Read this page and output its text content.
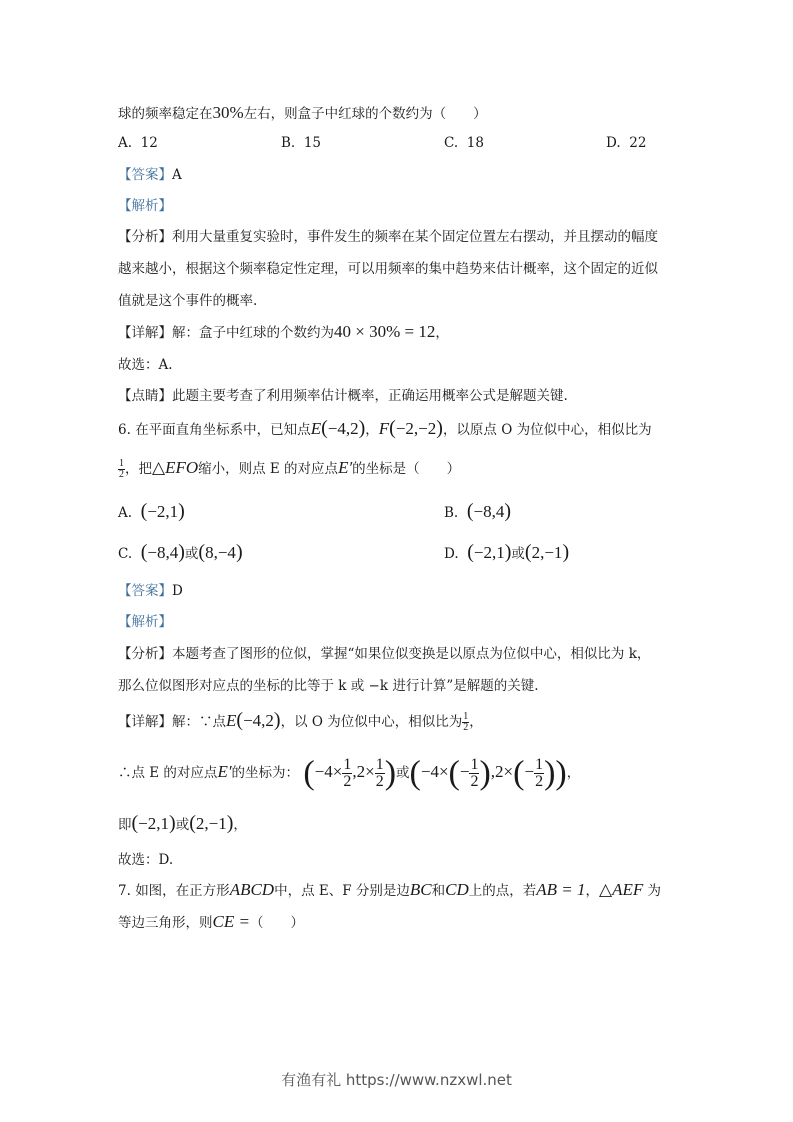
球的频率稳定在30%左右，则盒子中红球的个数约为（　　）
A. 12	B. 15	C. 18	D. 22
【答案】A
【解析】
【分析】利用大量重复实验时，事件发生的频率在某个固定位置左右摆动，并且摆动的幅度
越来越小，根据这个频率稳定性定理，可以用频率的集中趋势来估计概率，这个固定的近似
值就是这个事件的概率.
【详解】解：盒子中红球的个数约为40 × 30% = 12，
故选：A.
【点睛】此题主要考查了利用频率估计概率，正确运用概率公式是解题关键.
6. 在平面直角坐标系中，已知点E(−4,2)，F(−2,−2)，以原点 O 为位似中心，相似比为
$\frac{1}{2}$ ，把△EFO缩小，则点 E 的对应点E′的坐标是（　　）
A. (−2,1)	B. (−8,4)
C. (−8,4)或(8,−4)	D. (−2,1)或(2,−1)
【答案】D
【解析】
【分析】本题考查了图形的位似，掌握“如果位似变换是以原点为位似中心，相似比为 k，
那么位似图形对应点的坐标的比等于 k 或 −k 进行计算”是解题的关键.
【详解】解：∵点E(−4,2)，以 O 为位似中心，相似比为 $\frac{1}{2}$ ，
∴点 E 的对应点E′的坐标为： ($-4\times \frac{1}{2} ,2\times \frac{1}{2}$ )或($-4\times(- \frac{1}{2} ),2\times(- \frac{1}{2}$ ))，
即(−2,1)或(2,−1)，
故选：D.
7. 如图，在正方形ABCD中，点 E、F 分别是边BC和CD上的点，若AB = 1，△AEF 为
等边三角形，则CE =（　　）
有渔有礼 https://www.nzxwl.net
